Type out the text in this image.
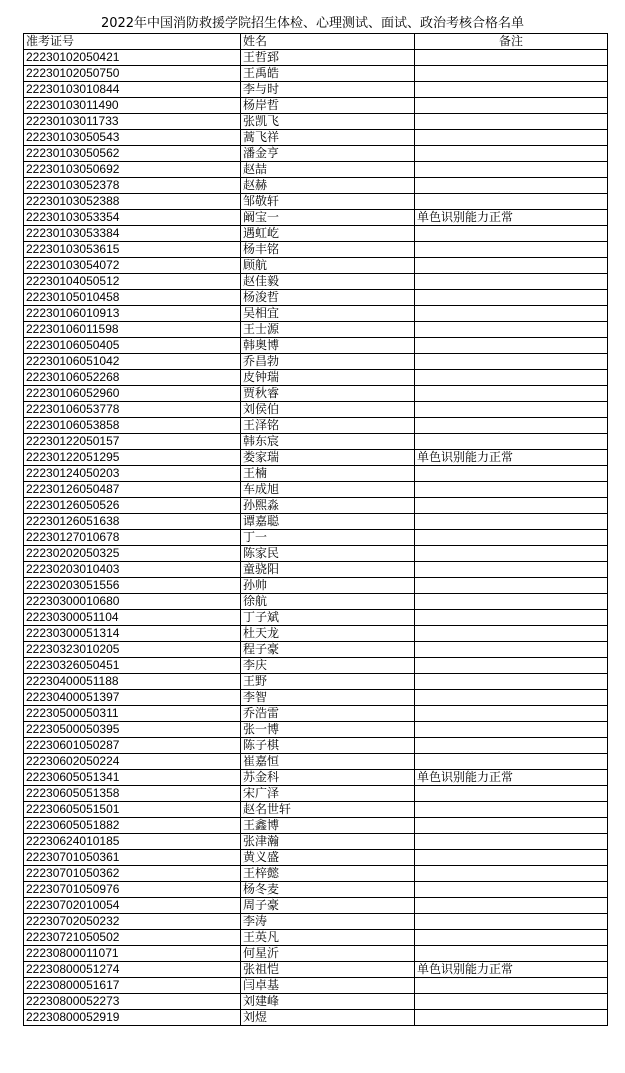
2022年中国消防救援学院招生体检、心理测试、面试、政治考核合格名单
准考证号	姓名	备注
22230102050421	王哲郅	
22230102050750	王禹皓	
22230103010844	李与时	
22230103011490	杨岸哲	
22230103011733	张凯飞	
22230103050543	蒿飞祥	
22230103050562	潘金亨	
22230103050692	赵喆	
22230103052378	赵赫	
22230103052388	邹敬轩	
22230103053354	阚宝一	单色识别能力正常
22230103053384	遇虹屹	
22230103053615	杨丰铭	
22230103054072	顾航	
22230104050512	赵佳毅	
22230105010458	杨浚哲	
22230106010913	吴相宜	
22230106011598	王士源	
22230106050405	韩奥博	
22230106051042	乔昌勃	
22230106052268	皮钟瑞	
22230106052960	贾秋睿	
22230106053778	刘侯伯	
22230106053858	王泽铭	
22230122050157	韩东宸	
22230122051295	娄家瑞	单色识别能力正常
22230124050203	王楠	
22230126050487	车成旭	
22230126050526	孙熙淼	
22230126051638	谭嘉聪	
22230127010678	丁一	
22230202050325	陈家民	
22230203010403	童骁阳	
22230203051556	孙帅	
22230300010680	徐航	
22230300051104	丁子斌	
22230300051314	杜天龙	
22230323010205	程子豪	
22230326050451	李庆	
22230400051188	王野	
22230400051397	李智	
22230500050311	乔浩雷	
22230500050395	张一博	
22230601050287	陈子棋	
22230602050224	崔嘉恒	
22230605051341	苏金科	单色识别能力正常
22230605051358	宋广泽	
22230605051501	赵名世轩	
22230605051882	王鑫博	
22230624010185	张津瀚	
22230701050361	黄义盛	
22230701050362	王梓懿	
22230701050976	杨冬麦	
22230702010054	周子豪	
22230702050232	李涛	
22230721050502	王英凡	
22230800011071	何星沂	
22230800051274	张祖恺	单色识别能力正常
22230800051617	闫卓基	
22230800052273	刘建峰	
22230800052919	刘煜	
